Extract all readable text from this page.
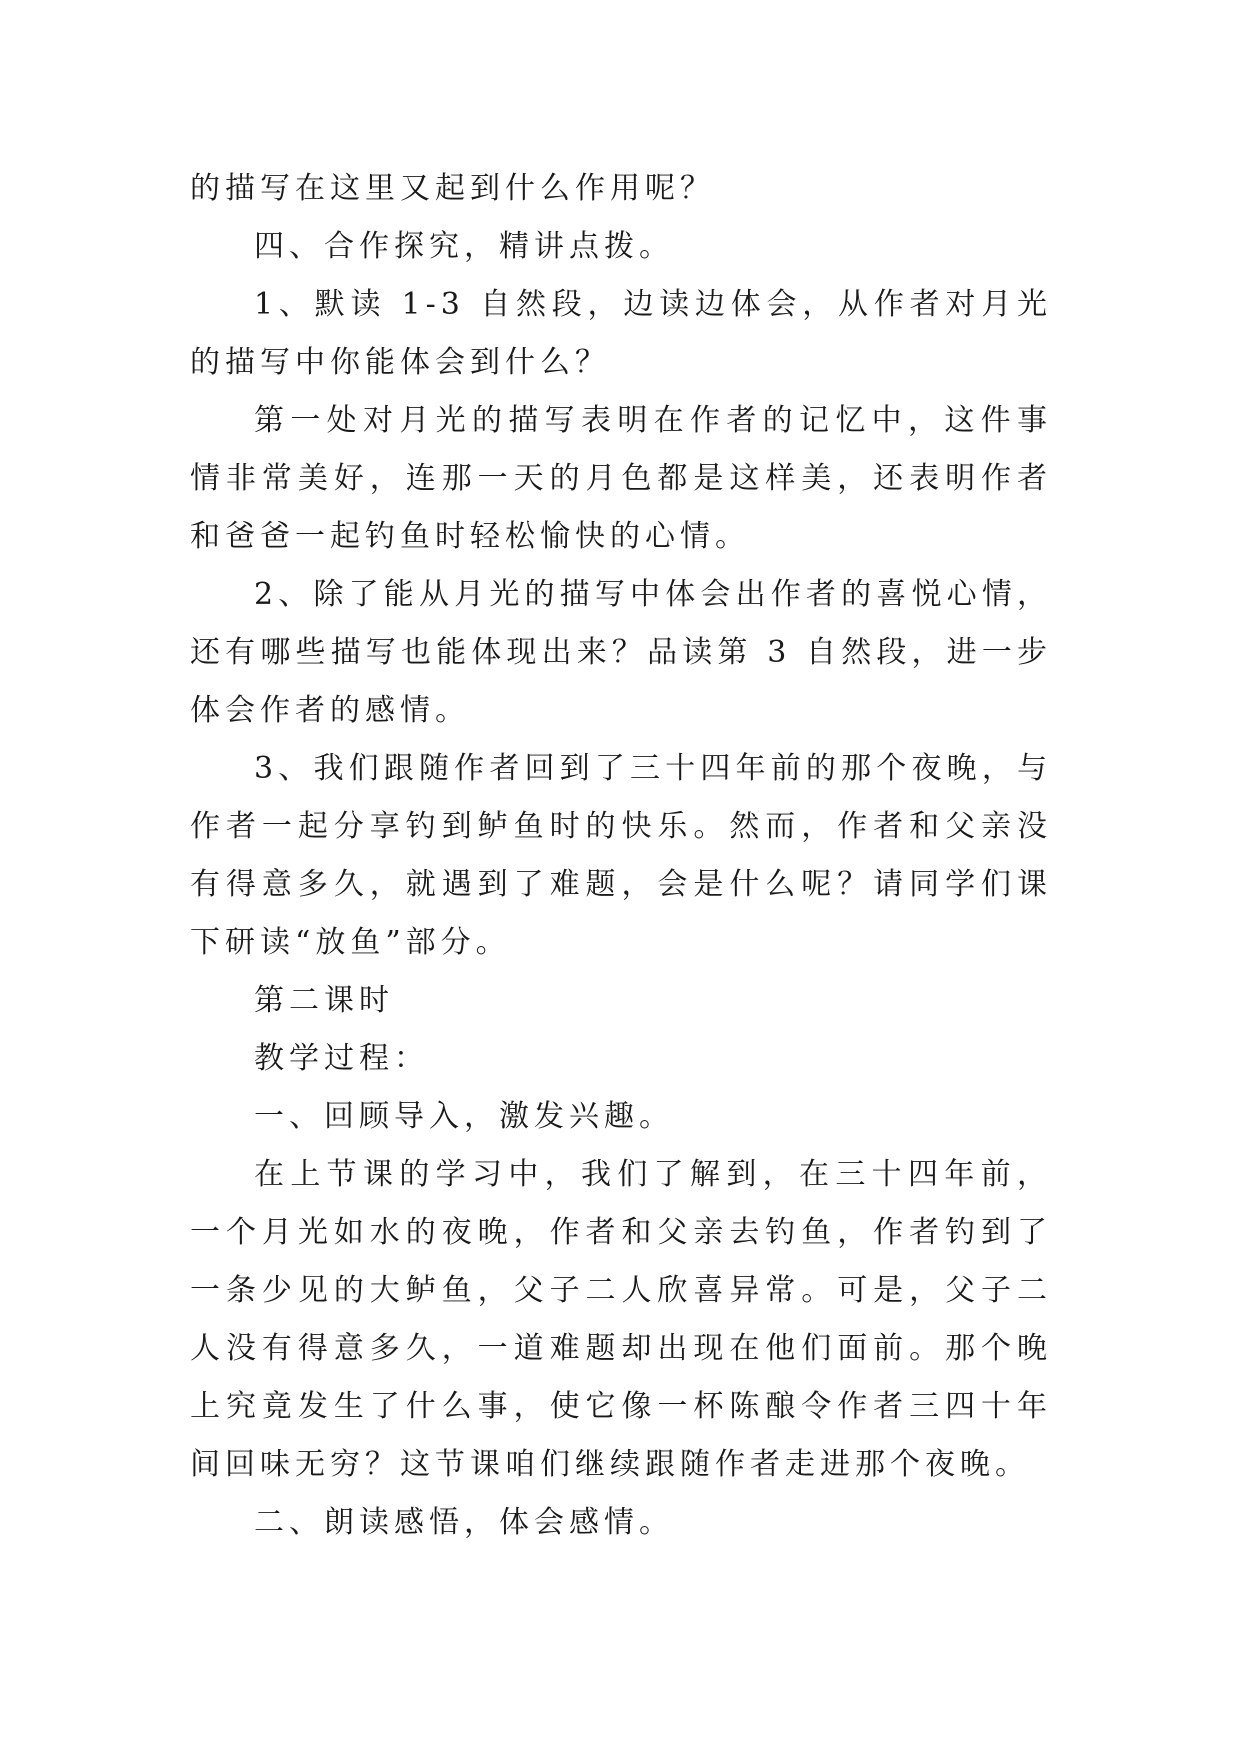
的描写在这里又起到什么作用呢？

四、合作探究，精讲点拨。

1、默读 1-3 自然段，边读边体会，从作者对月光的描写中你能体会到什么？

第一处对月光的描写表明在作者的记忆中，这件事情非常美好，连那一天的月色都是这样美，还表明作者和爸爸一起钓鱼时轻松愉快的心情。

2、除了能从月光的描写中体会出作者的喜悦心情，还有哪些描写也能体现出来？品读第 3 自然段，进一步体会作者的感情。

3、我们跟随作者回到了三十四年前的那个夜晚，与作者一起分享钓到鲈鱼时的快乐。然而，作者和父亲没有得意多久，就遇到了难题，会是什么呢？请同学们课下研读“放鱼”部分。

第二课时

教学过程：

一、回顾导入，激发兴趣。

在上节课的学习中，我们了解到，在三十四年前，一个月光如水的夜晚，作者和父亲去钓鱼，作者钓到了一条少见的大鲈鱼，父子二人欣喜异常。可是，父子二人没有得意多久，一道难题却出现在他们面前。那个晚上究竟发生了什么事，使它像一杯陈酿令作者三四十年间回味无穷？这节课咱们继续跟随作者走进那个夜晚。

二、朗读感悟，体会感情。
